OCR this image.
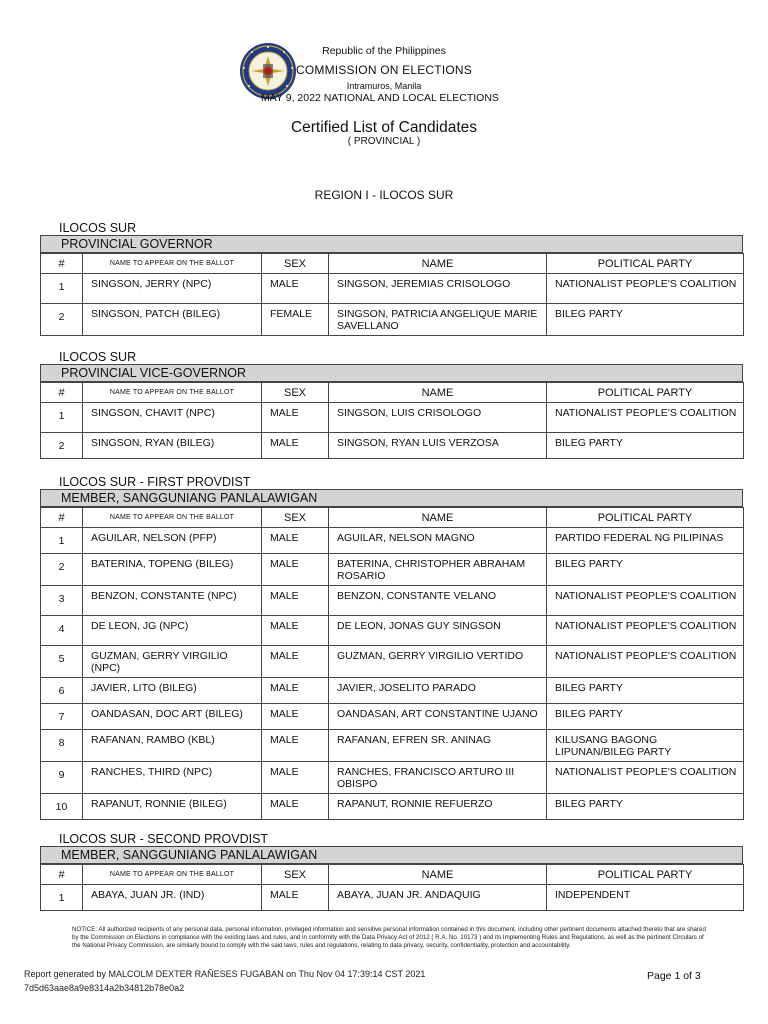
Republic of the Philippines
COMMISSION ON ELECTIONS
Intramuros, Manila
MAY 9, 2022 NATIONAL AND LOCAL ELECTIONS
Certified List of Candidates
( PROVINCIAL )
REGION I - ILOCOS SUR
ILOCOS SUR
PROVINCIAL GOVERNOR
#	NAME TO APPEAR ON THE BALLOT	SEX	NAME	POLITICAL PARTY
1	SINGSON, JERRY (NPC)	MALE	SINGSON, JEREMIAS CRISOLOGO	NATIONALIST PEOPLE'S COALITION
2	SINGSON, PATCH (BILEG)	FEMALE	SINGSON, PATRICIA ANGELIQUE MARIE SAVELLANO	BILEG PARTY
ILOCOS SUR
PROVINCIAL VICE-GOVERNOR
#	NAME TO APPEAR ON THE BALLOT	SEX	NAME	POLITICAL PARTY
1	SINGSON, CHAVIT (NPC)	MALE	SINGSON, LUIS CRISOLOGO	NATIONALIST PEOPLE'S COALITION
2	SINGSON, RYAN (BILEG)	MALE	SINGSON, RYAN LUIS VERZOSA	BILEG PARTY
ILOCOS SUR - FIRST PROVDIST
MEMBER, SANGGUNIANG PANLALAWIGAN
#	NAME TO APPEAR ON THE BALLOT	SEX	NAME	POLITICAL PARTY
1	AGUILAR, NELSON (PFP)	MALE	AGUILAR, NELSON MAGNO	PARTIDO FEDERAL NG PILIPINAS
2	BATERINA, TOPENG (BILEG)	MALE	BATERINA, CHRISTOPHER ABRAHAM ROSARIO	BILEG PARTY
3	BENZON, CONSTANTE (NPC)	MALE	BENZON, CONSTANTE VELANO	NATIONALIST PEOPLE'S COALITION
4	DE LEON, JG (NPC)	MALE	DE LEON, JONAS GUY SINGSON	NATIONALIST PEOPLE'S COALITION
5	GUZMAN, GERRY VIRGILIO (NPC)	MALE	GUZMAN, GERRY VIRGILIO VERTIDO	NATIONALIST PEOPLE'S COALITION
6	JAVIER, LITO (BILEG)	MALE	JAVIER, JOSELITO PARADO	BILEG PARTY
7	OANDASAN, DOC ART (BILEG)	MALE	OANDASAN, ART CONSTANTINE UJANO	BILEG PARTY
8	RAFANAN, RAMBO (KBL)	MALE	RAFANAN, EFREN SR. ANINAG	KILUSANG BAGONG LIPUNAN/BILEG PARTY
9	RANCHES, THIRD (NPC)	MALE	RANCHES, FRANCISCO ARTURO III OBISPO	NATIONALIST PEOPLE'S COALITION
10	RAPANUT, RONNIE (BILEG)	MALE	RAPANUT, RONNIE REFUERZO	BILEG PARTY
ILOCOS SUR - SECOND PROVDIST
MEMBER, SANGGUNIANG PANLALAWIGAN
#	NAME TO APPEAR ON THE BALLOT	SEX	NAME	POLITICAL PARTY
1	ABAYA, JUAN JR. (IND)	MALE	ABAYA, JUAN JR. ANDAQUIG	INDEPENDENT
NOTICE: All authorized recipients of any personal data, personal information, privileged information and sensitive personal information contained in this document, including other pertinent documents attached thereto that are shared by the Commission on Elections in compliance with the existing laws and rules, and in conformity with the Data Privacy Act of 2012 ( R.A. No. 10173 ) and its Implementing Rules and Regulations, as well as the pertinent Circulars of the National Privacy Commission, are similarly bound to comply with the said laws, rules and regulations, relating to data privacy, security, confidentiality, protection and accountability.
Report generated by MALCOLM DEXTER RAÑESES FUGABAN on Thu Nov 04 17:39:14 CST 2021
7d5d63aae8a9e8314a2b34812b78e0a2
Page 1 of 3
